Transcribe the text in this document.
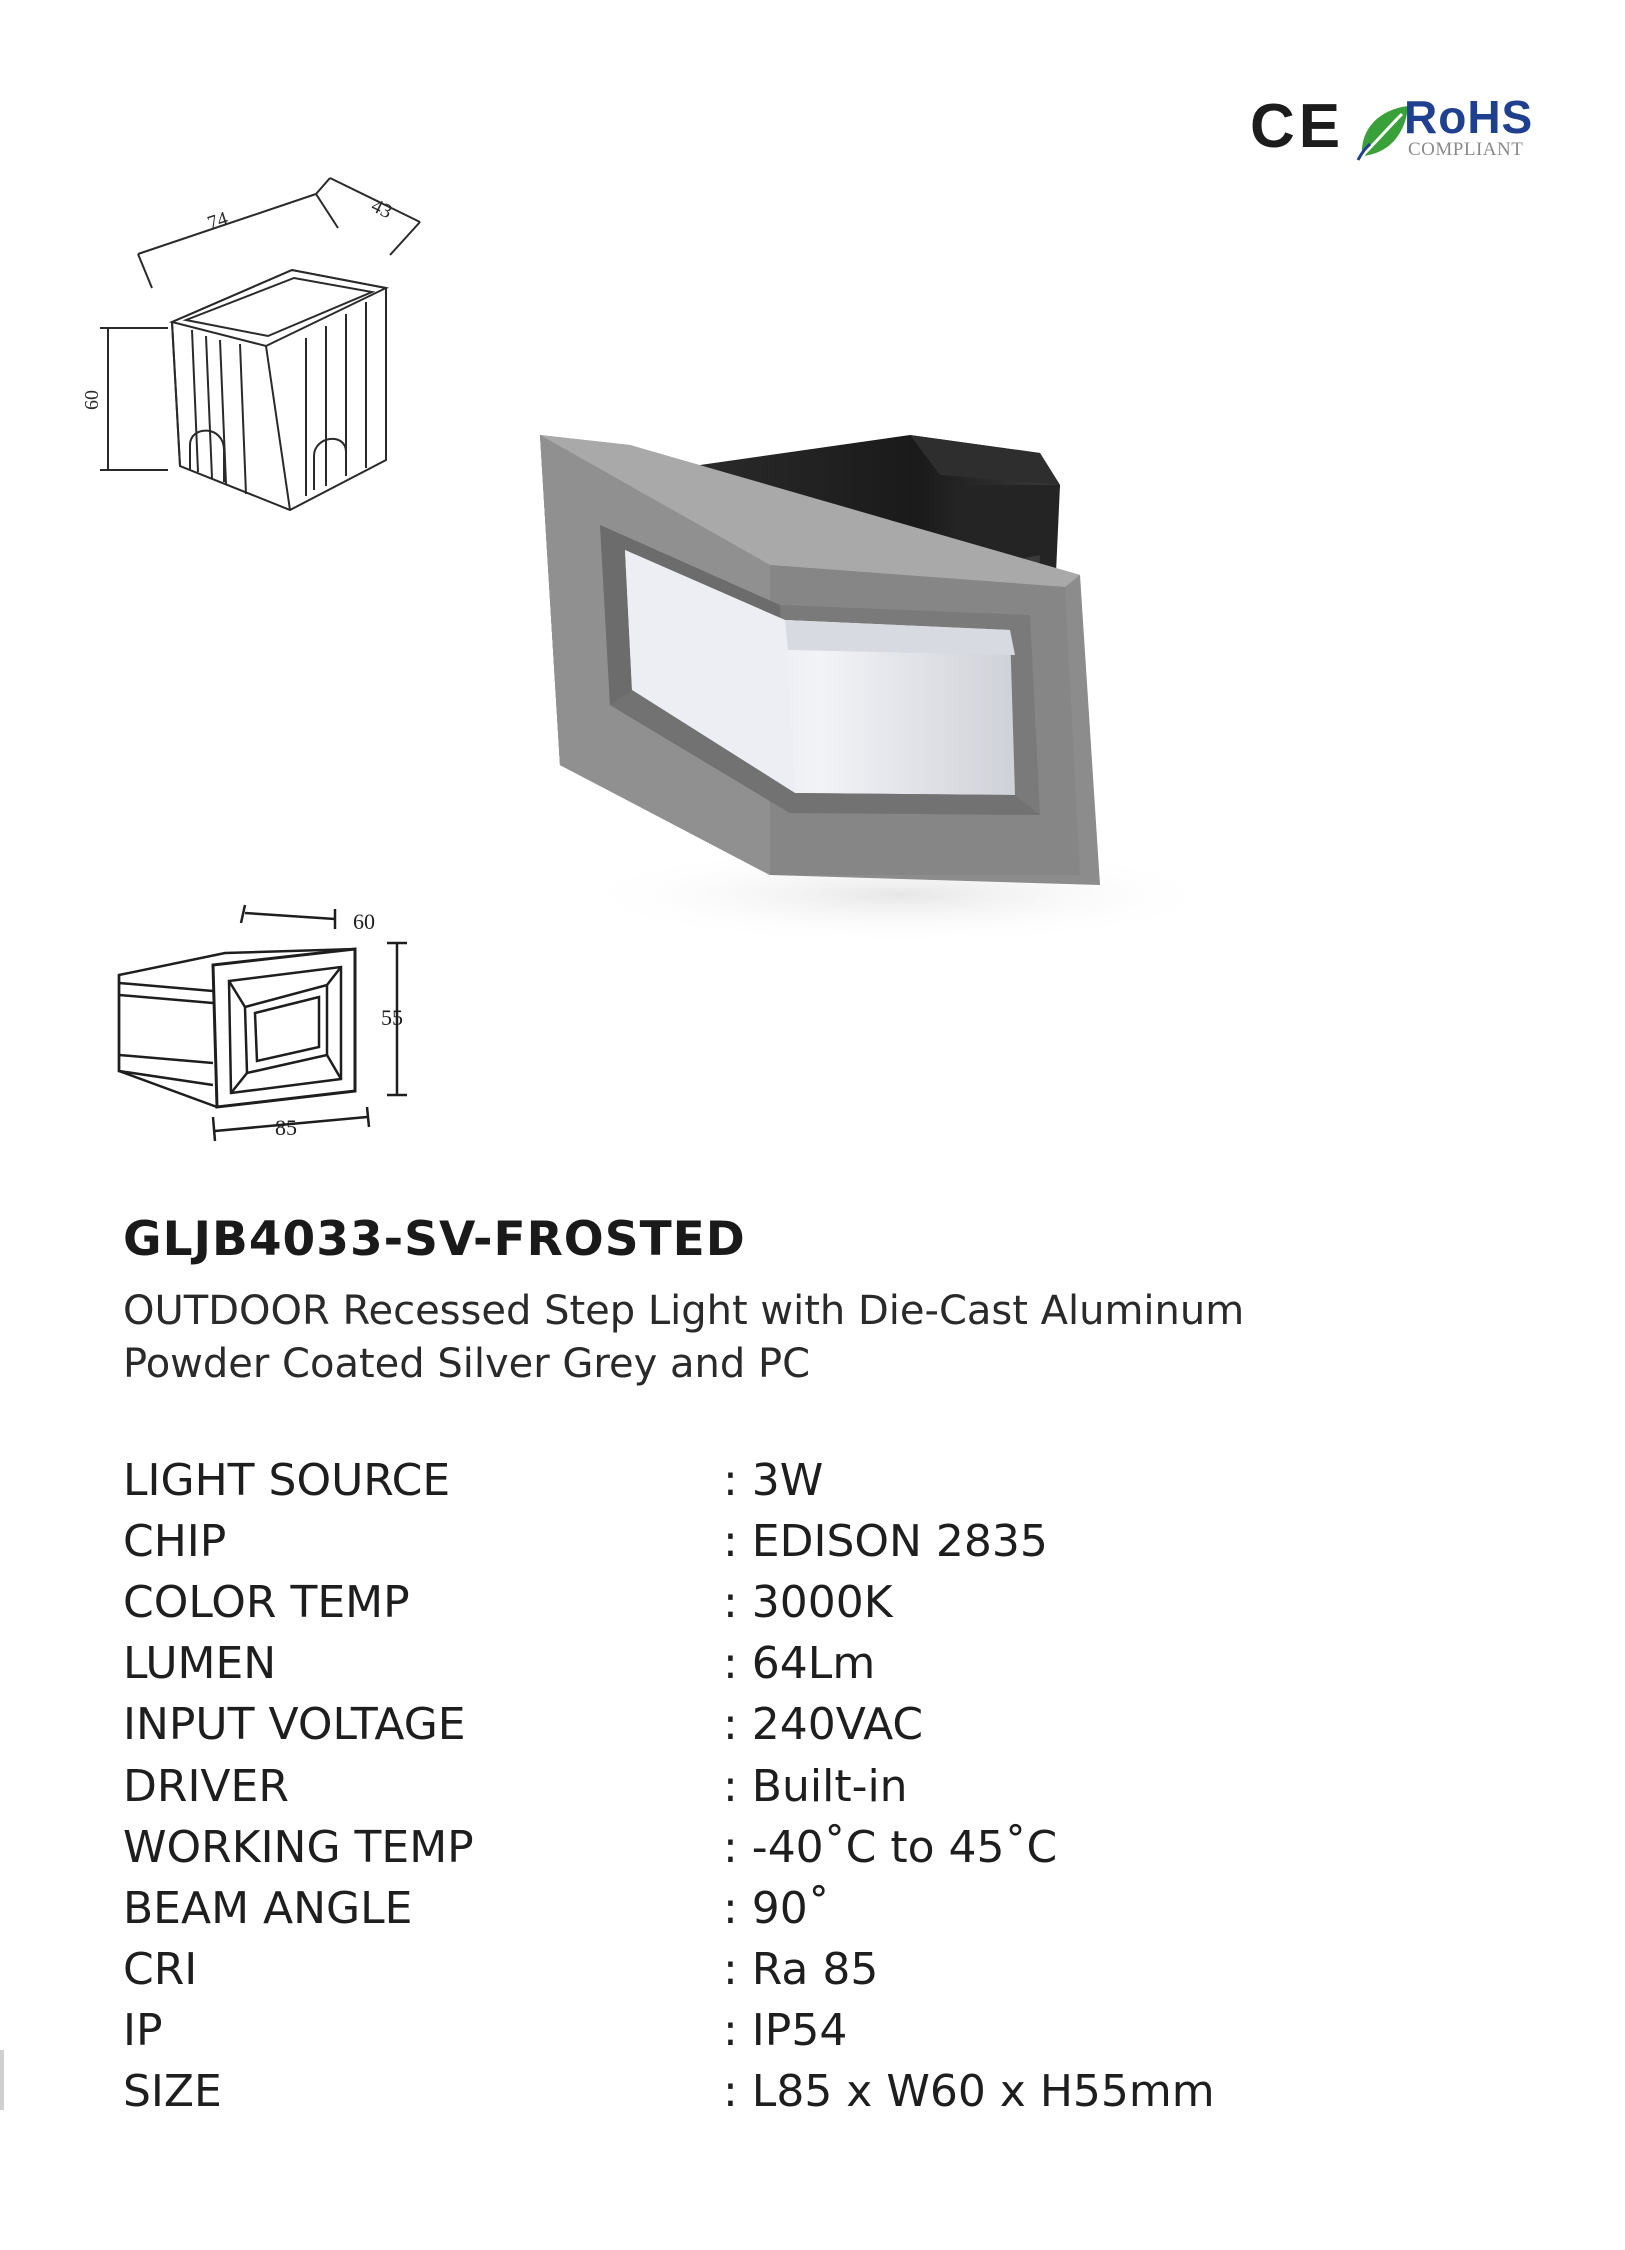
CE RoHS
COMPLIANT
74	43
60
60
55
85
GLJB4033-SV-FROSTED
OUTDOOR Recessed Step Light with Die-Cast Aluminum
Powder Coated Silver Grey and PC
LIGHT SOURCE	: 3W
CHIP	: EDISON 2835
COLOR TEMP	: 3000K
LUMEN	: 64Lm
INPUT VOLTAGE	: 240VAC
DRIVER	: Built-in
WORKING TEMP	: -40˚C to 45˚C
BEAM ANGLE	: 90˚
CRI	: Ra 85
IP	: IP54
SIZE	: L85 x W60 x H55mm
